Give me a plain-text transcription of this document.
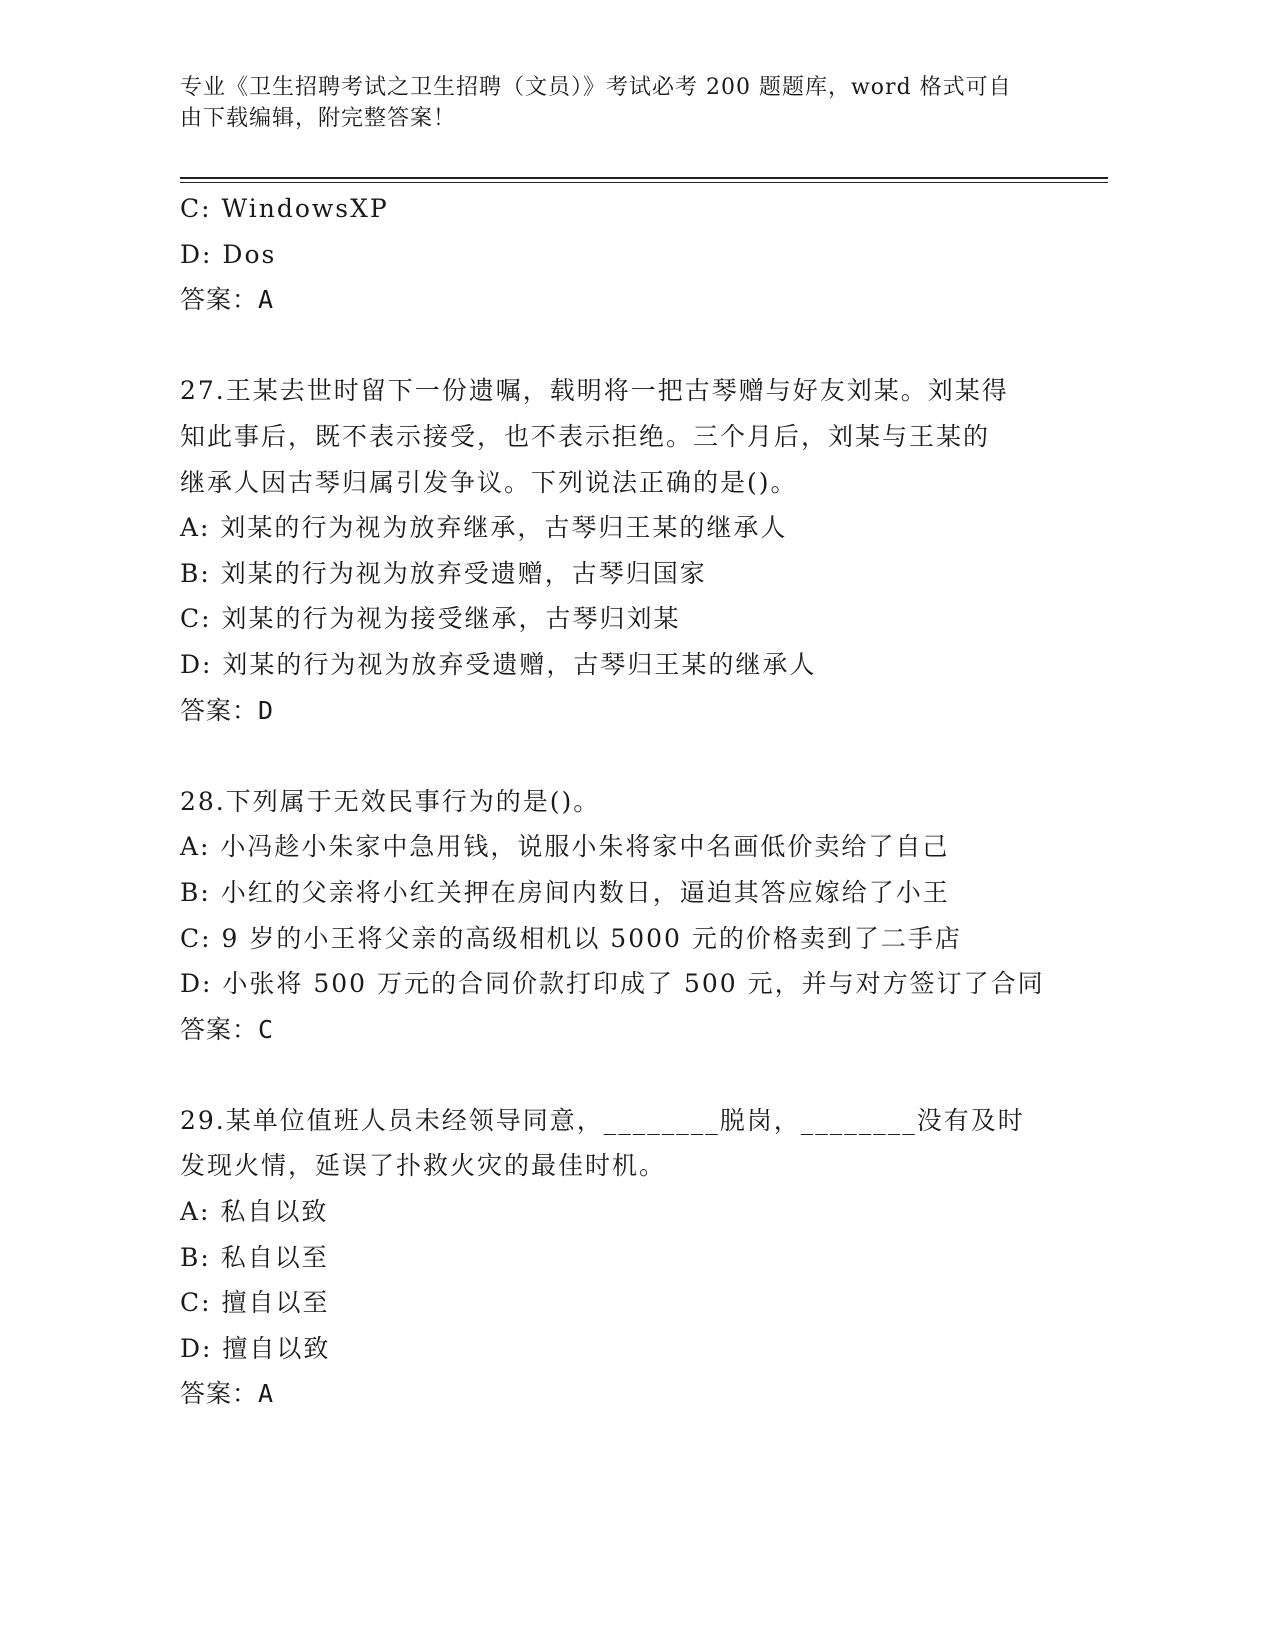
专业《卫生招聘考试之卫生招聘（文员）》考试必考 200 题题库，word 格式可自
由下载编辑，附完整答案！
C: WindowsXP
D: Dos
答案：A
27.王某去世时留下一份遗嘱，载明将一把古琴赠与好友刘某。刘某得
知此事后，既不表示接受，也不表示拒绝。三个月后，刘某与王某的
继承人因古琴归属引发争议。下列说法正确的是()。
A: 刘某的行为视为放弃继承，古琴归王某的继承人
B: 刘某的行为视为放弃受遗赠，古琴归国家
C: 刘某的行为视为接受继承，古琴归刘某
D: 刘某的行为视为放弃受遗赠，古琴归王某的继承人
答案：D
28.下列属于无效民事行为的是()。
A: 小冯趁小朱家中急用钱，说服小朱将家中名画低价卖给了自己
B: 小红的父亲将小红关押在房间内数日，逼迫其答应嫁给了小王
C: 9 岁的小王将父亲的高级相机以 5000 元的价格卖到了二手店
D: 小张将 500 万元的合同价款打印成了 500 元，并与对方签订了合同
答案：C
29.某单位值班人员未经领导同意，________脱岗，________没有及时
发现火情，延误了扑救火灾的最佳时机。
A: 私自以致
B: 私自以至
C: 擅自以至
D: 擅自以致
答案：A
